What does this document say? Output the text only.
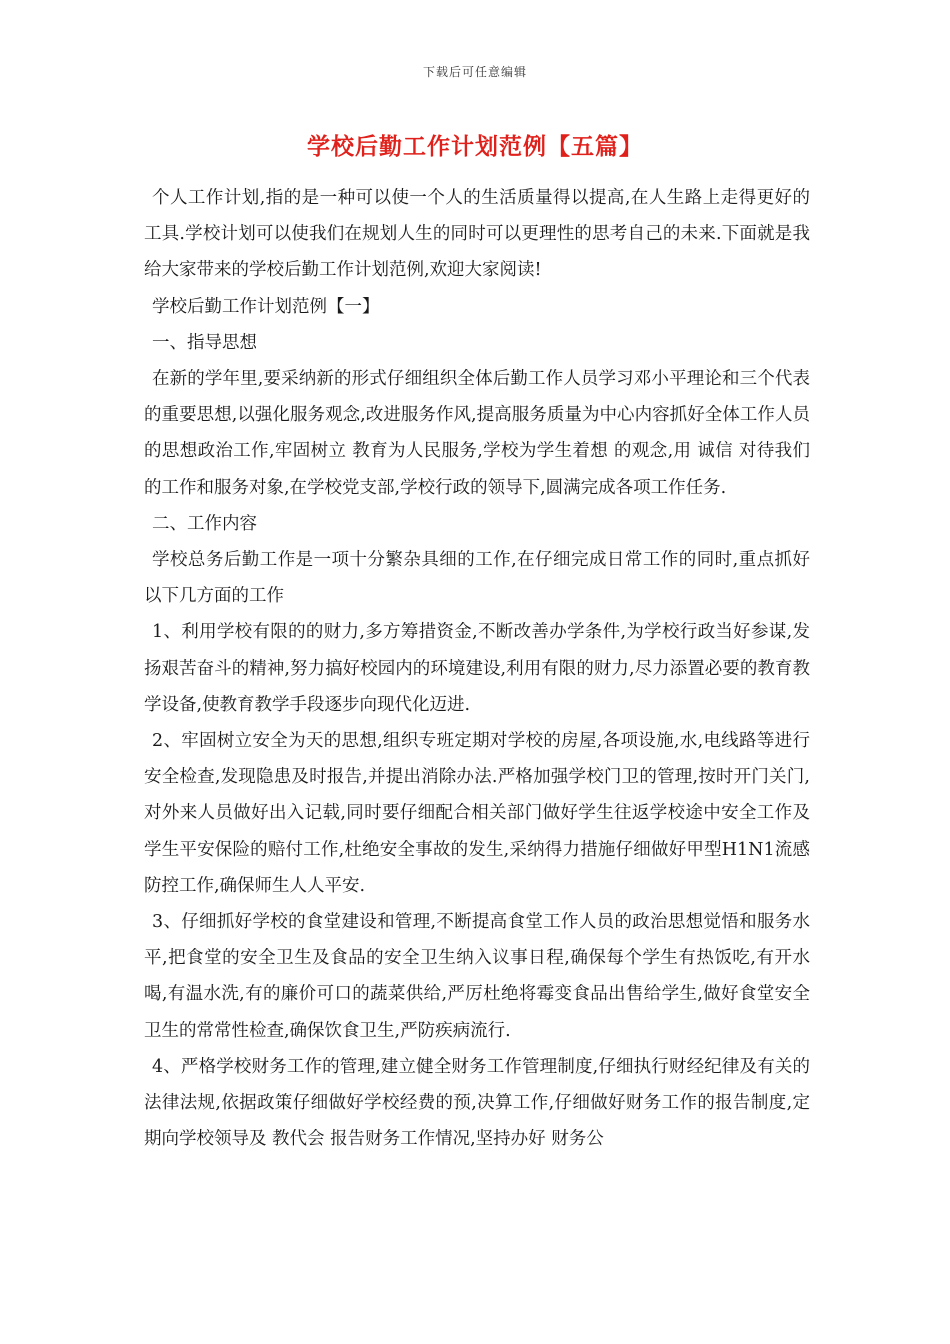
下载后可任意编辑
学校后勤工作计划范例【五篇】

个人工作计划,指的是一种可以使一个人的生活质量得以提高,在人生路上走得更好的工具.学校计划可以使我们在规划人生的同时可以更理性的思考自己的未来.下面就是我给大家带来的学校后勤工作计划范例,欢迎大家阅读!

学校后勤工作计划范例【一】

一、指导思想

在新的学年里,要采纳新的形式仔细组织全体后勤工作人员学习邓小平理论和三个代表 的重要思想,以强化服务观念,改进服务作风,提高服务质量为中心内容抓好全体工作人员的思想政治工作,牢固树立 教育为人民服务,学校为学生着想 的观念,用 诚信 对待我们的工作和服务对象,在学校党支部,学校行政的领导下,圆满完成各项工作任务.

二、工作内容

学校总务后勤工作是一项十分繁杂具细的工作,在仔细完成日常工作的同时,重点抓好以下几方面的工作

1、利用学校有限的的财力,多方筹措资金,不断改善办学条件,为学校行政当好参谋,发扬艰苦奋斗的精神,努力搞好校园内的环境建设,利用有限的财力,尽力添置必要的教育教学设备,使教育教学手段逐步向现代化迈进.

2、牢固树立安全为天的思想,组织专班定期对学校的房屋,各项设施,水,电线路等进行安全检查,发现隐患及时报告,并提出消除办法.严格加强学校门卫的管理,按时开门关门,对外来人员做好出入记载,同时要仔细配合相关部门做好学生往返学校途中安全工作及学生平安保险的赔付工作,杜绝安全事故的发生,采纳得力措施仔细做好甲型H1N1流感防控工作,确保师生人人平安.

3、仔细抓好学校的食堂建设和管理,不断提高食堂工作人员的政治思想觉悟和服务水平,把食堂的安全卫生及食品的安全卫生纳入议事日程,确保每个学生有热饭吃,有开水喝,有温水洗,有的廉价可口的蔬菜供给,严厉杜绝将霉变食品出售给学生,做好食堂安全卫生的常常性检查,确保饮食卫生,严防疾病流行.

4、严格学校财务工作的管理,建立健全财务工作管理制度,仔细执行财经纪律及有关的法律法规,依据政策仔细做好学校经费的预,决算工作,仔细做好财务工作的报告制度,定期向学校领导及 教代会 报告财务工作情况,坚持办好 财务公
